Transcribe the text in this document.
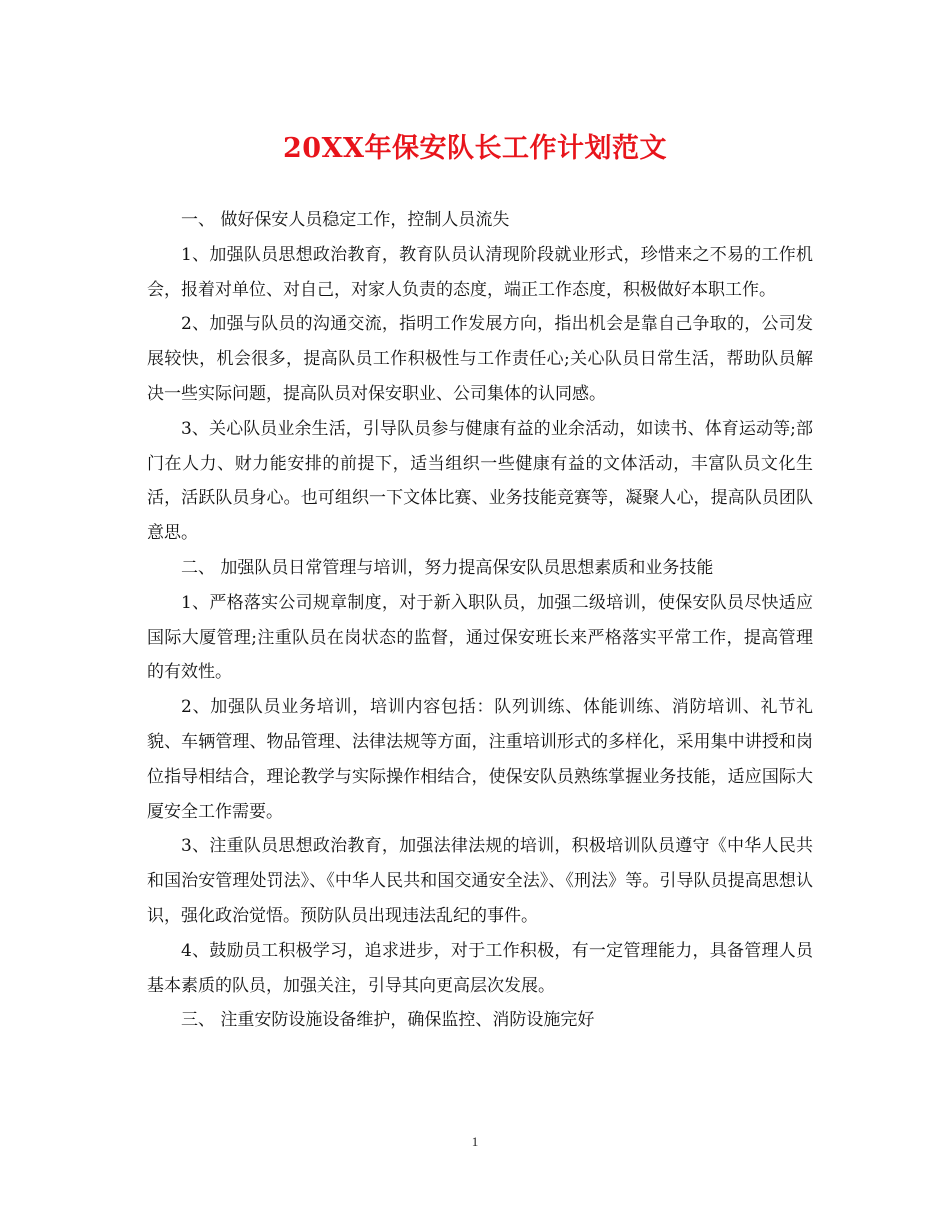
20XX年保安队长工作计划范文

一、 做好保安人员稳定工作，控制人员流失

1、加强队员思想政治教育，教育队员认清现阶段就业形式，珍惜来之不易的工作机会，报着对单位、对自己，对家人负责的态度，端正工作态度，积极做好本职工作。

2、加强与队员的沟通交流，指明工作发展方向，指出机会是靠自己争取的，公司发展较快，机会很多，提高队员工作积极性与工作责任心;关心队员日常生活，帮助队员解决一些实际问题，提高队员对保安职业、公司集体的认同感。

3、关心队员业余生活，引导队员参与健康有益的业余活动，如读书、体育运动等;部门在人力、财力能安排的前提下，适当组织一些健康有益的文体活动，丰富队员文化生活，活跃队员身心。也可组织一下文体比赛、业务技能竞赛等，凝聚人心，提高队员团队意思。

二、 加强队员日常管理与培训，努力提高保安队员思想素质和业务技能

1、严格落实公司规章制度，对于新入职队员，加强二级培训，使保安队员尽快适应国际大厦管理;注重队员在岗状态的监督，通过保安班长来严格落实平常工作，提高管理的有效性。

2、加强队员业务培训，培训内容包括：队列训练、体能训练、消防培训、礼节礼貌、车辆管理、物品管理、法律法规等方面，注重培训形式的多样化，采用集中讲授和岗位指导相结合，理论教学与实际操作相结合，使保安队员熟练掌握业务技能，适应国际大厦安全工作需要。

3、注重队员思想政治教育，加强法律法规的培训，积极培训队员遵守《中华人民共和国治安管理处罚法》、《中华人民共和国交通安全法》、《刑法》等。引导队员提高思想认识，强化政治觉悟。预防队员出现违法乱纪的事件。

4、鼓励员工积极学习，追求进步，对于工作积极，有一定管理能力，具备管理人员基本素质的队员，加强关注，引导其向更高层次发展。

三、 注重安防设施设备维护，确保监控、消防设施完好

1
